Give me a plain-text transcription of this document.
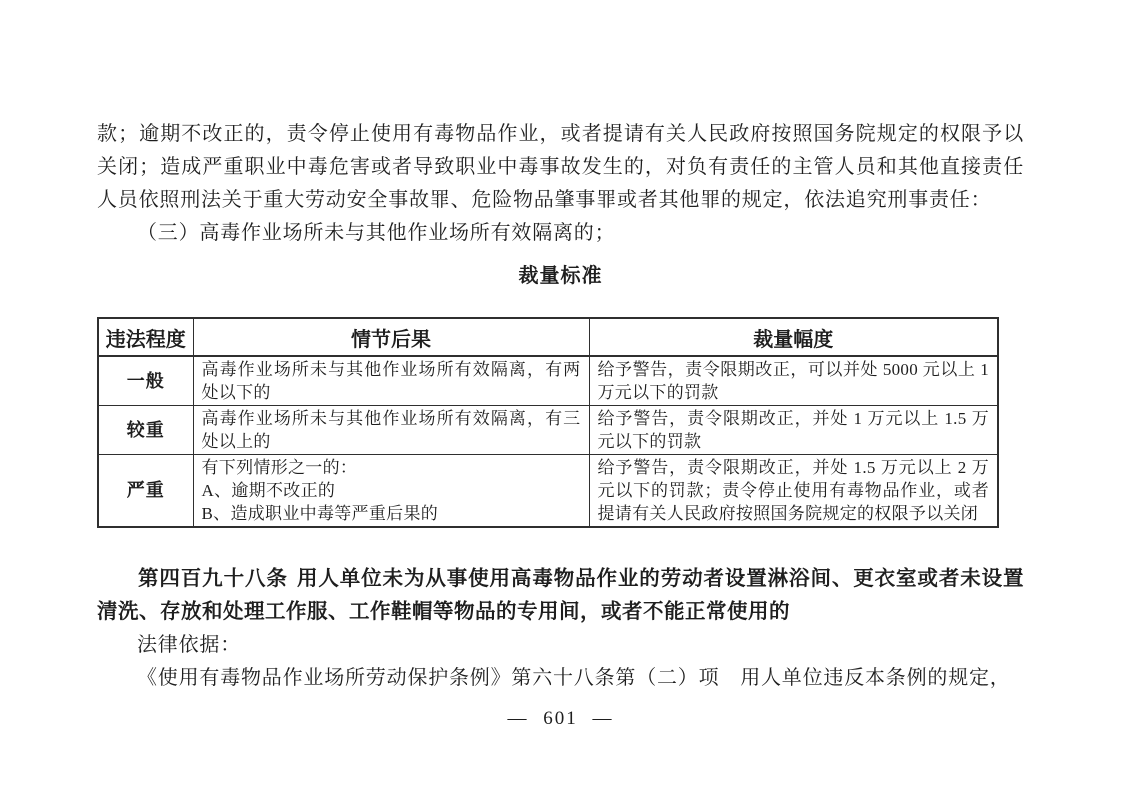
款；逾期不改正的，责令停止使用有毒物品作业，或者提请有关人民政府按照国务院规定的权限予以关闭；造成严重职业中毒危害或者导致职业中毒事故发生的，对负有责任的主管人员和其他直接责任人员依照刑法关于重大劳动安全事故罪、危险物品肇事罪或者其他罪的规定，依法追究刑事责任：

（三）高毒作业场所未与其他作业场所有效隔离的；

裁量标准
违法程度	情节后果	裁量幅度
一般	高毒作业场所未与其他作业场所有效隔离，有两处以下的	给予警告，责令限期改正，可以并处 5000 元以上 1 万元以下的罚款
较重	高毒作业场所未与其他作业场所有效隔离，有三处以上的	给予警告，责令限期改正，并处 1 万元以上 1.5 万元以下的罚款
严重	有下列情形之一的：
A、逾期不改正的
B、造成职业中毒等严重后果的	给予警告，责令限期改正，并处 1.5 万元以上 2 万元以下的罚款；责令停止使用有毒物品作业，或者提请有关人民政府按照国务院规定的权限予以关闭

第四百九十八条 用人单位未为从事使用高毒物品作业的劳动者设置淋浴间、更衣室或者未设置清洗、存放和处理工作服、工作鞋帽等物品的专用间，或者不能正常使用的

法律依据：

《使用有毒物品作业场所劳动保护条例》第六十八条第（二）项　用人单位违反本条例的规定，

— 601 —
